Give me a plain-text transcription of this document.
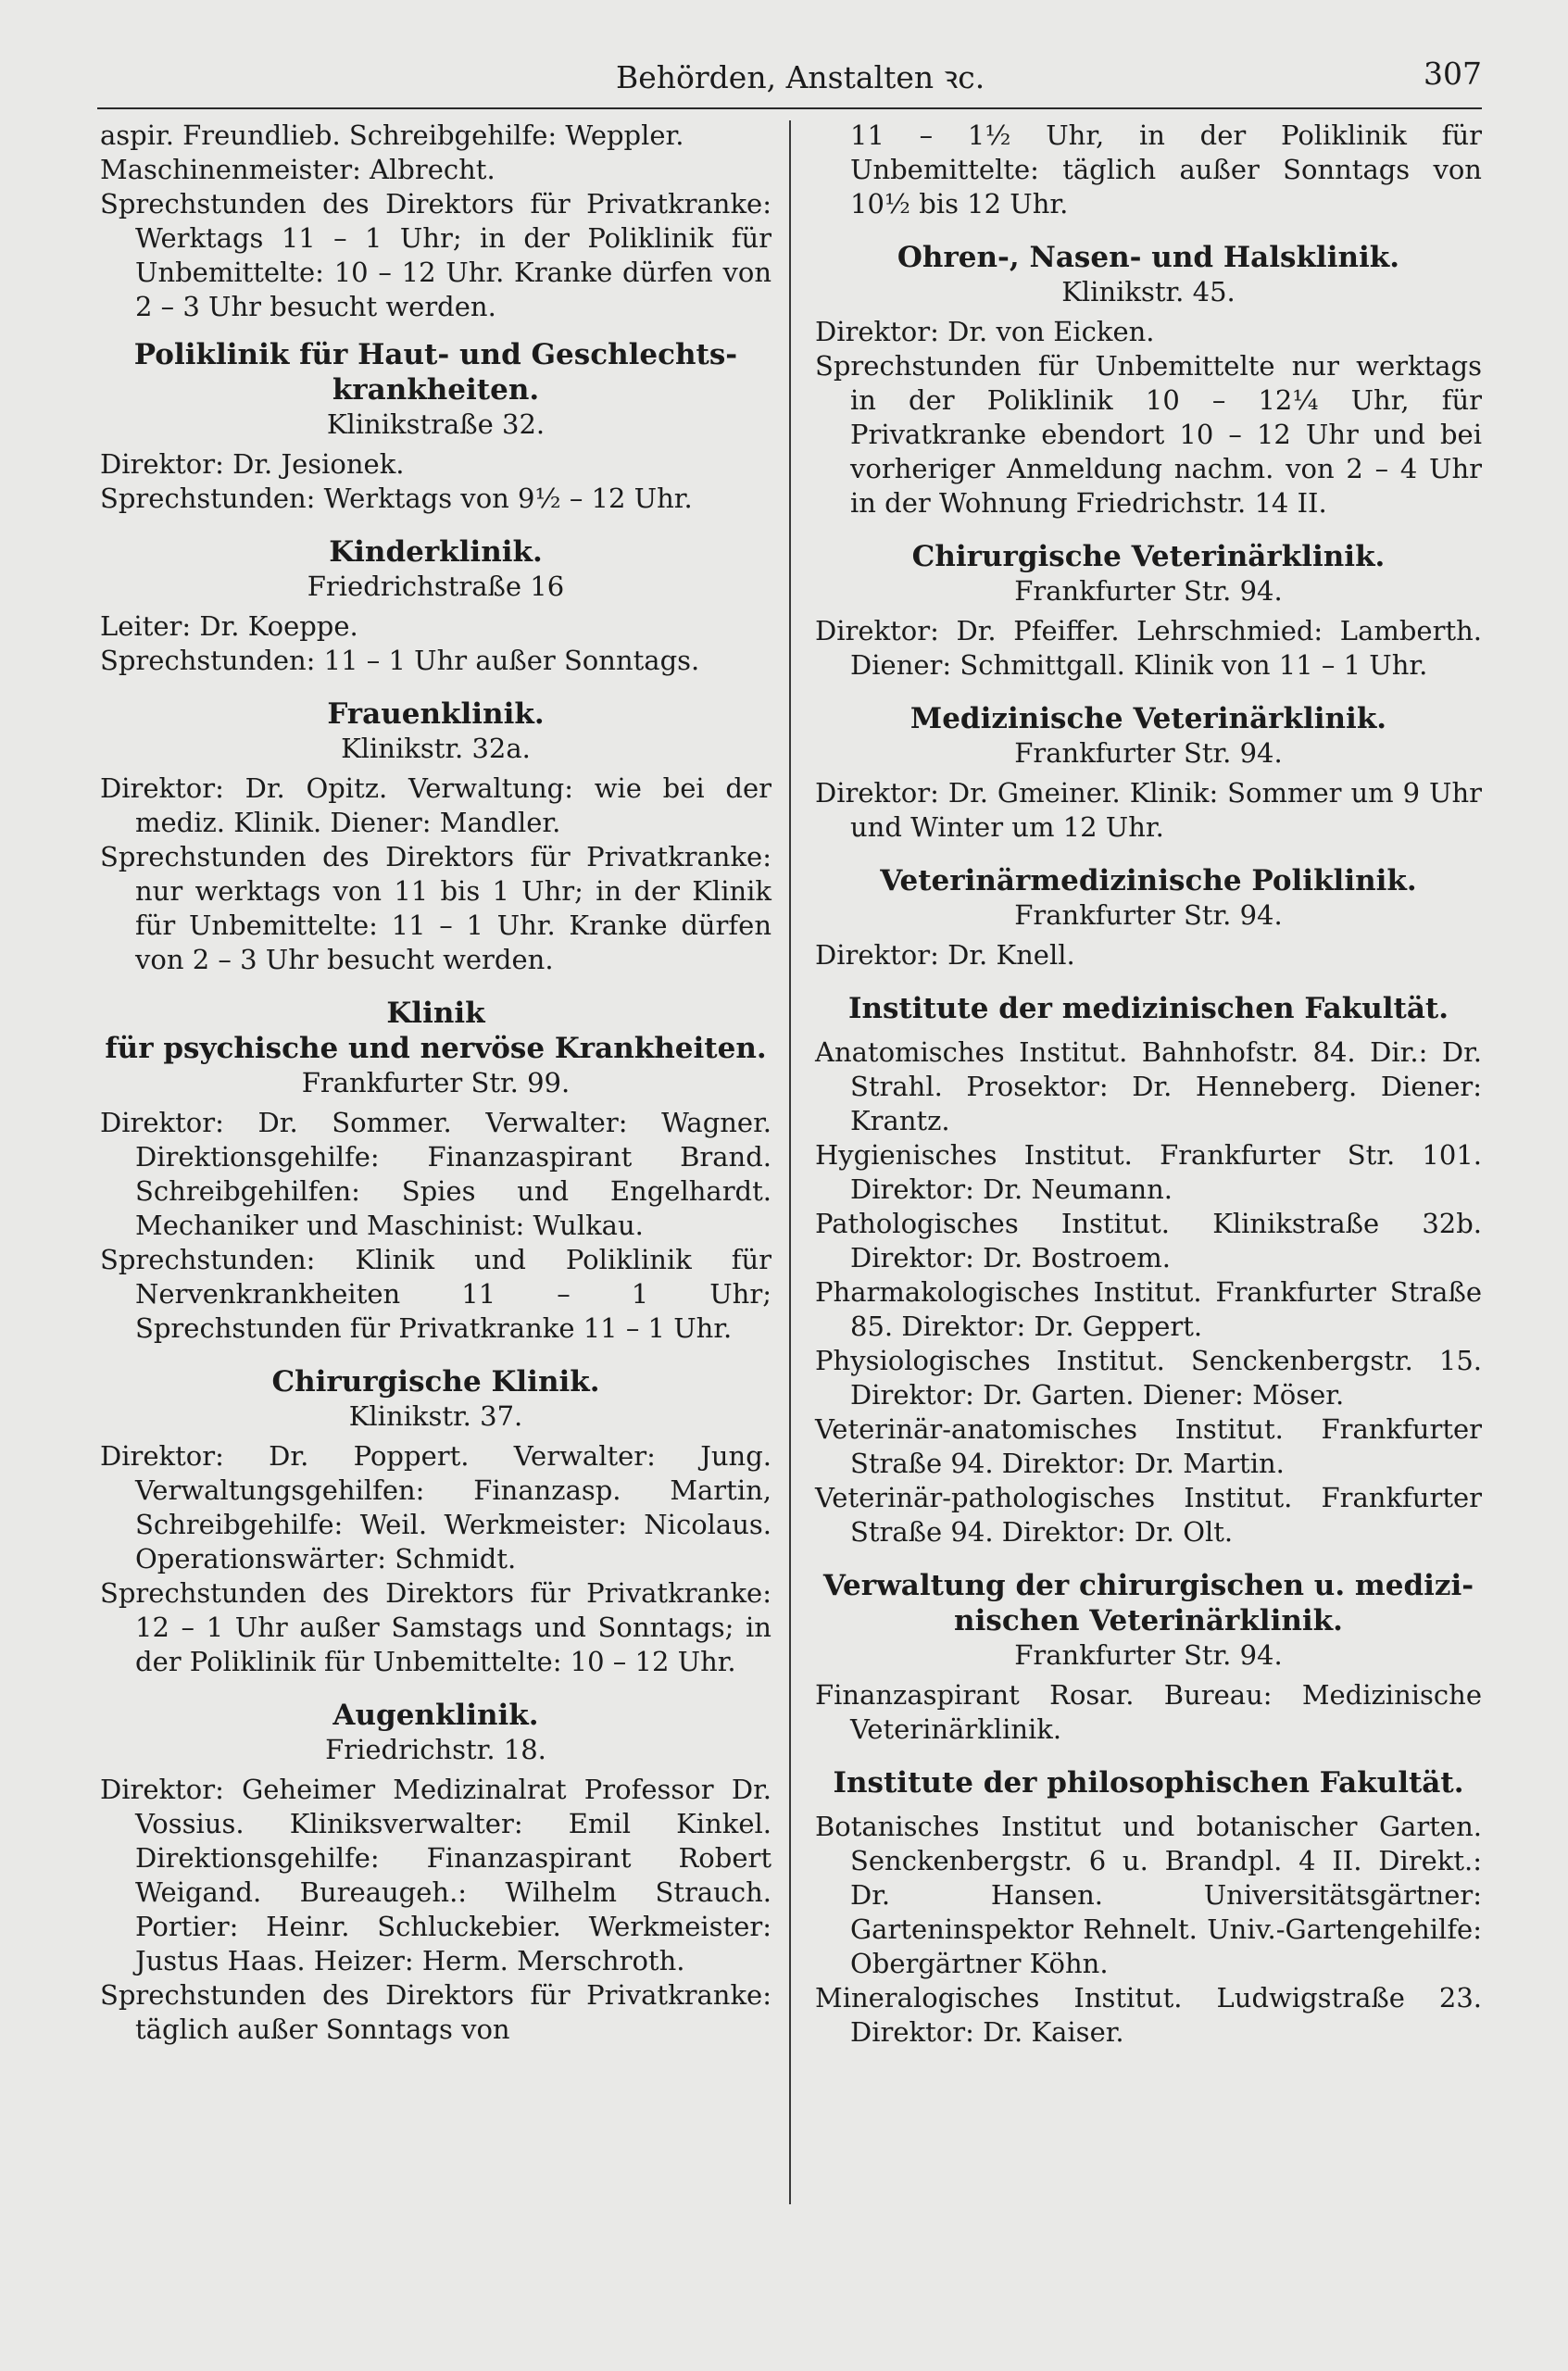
Behörden, Anstalten ꝛc.	307

aspir. Freundlieb. Schreibgehilfe: Weppler.

Maschinenmeister: Albrecht.

Sprechstunden des Direktors für Privatkranke: Werktags 11 – 1 Uhr; in der Poliklinik für Unbemittelte: 10 – 12 Uhr. Kranke dürfen von 2 – 3 Uhr besucht werden.

Poliklinik für Haut- und Geschlechts-
krankheiten.
Klinikstraße 32.

Direktor: Dr. Jesionek.

Sprechstunden: Werktags von 9½ – 12 Uhr.

Kinderklinik.
Friedrichstraße 16

Leiter: Dr. Koeppe.

Sprechstunden: 11 – 1 Uhr außer Sonntags.

Frauenklinik.
Klinikstr. 32a.

Direktor: Dr. Opitz. Verwaltung: wie bei der mediz. Klinik. Diener: Mandler.

Sprechstunden des Direktors für Privatkranke: nur werktags von 11 bis 1 Uhr; in der Klinik für Unbemittelte: 11 – 1 Uhr. Kranke dürfen von 2 – 3 Uhr besucht werden.

Klinik
für psychische und nervöse Krankheiten.
Frankfurter Str. 99.

Direktor: Dr. Sommer. Verwalter: Wagner. Direktionsgehilfe: Finanzaspirant Brand. Schreibgehilfen: Spies und Engelhardt. Mechaniker und Maschinist: Wulkau.

Sprechstunden: Klinik und Poliklinik für Nervenkrankheiten 11 – 1 Uhr; Sprechstunden für Privatkranke 11 – 1 Uhr.

Chirurgische Klinik.
Klinikstr. 37.

Direktor: Dr. Poppert. Verwalter: Jung. Verwaltungsgehilfen: Finanzasp. Martin, Schreibgehilfe: Weil. Werkmeister: Nicolaus. Operationswärter: Schmidt.

Sprechstunden des Direktors für Privatkranke: 12 – 1 Uhr außer Samstags und Sonntags; in der Poliklinik für Unbemittelte: 10 – 12 Uhr.

Augenklinik.
Friedrichstr. 18.

Direktor: Geheimer Medizinalrat Professor Dr. Vossius. Kliniksverwalter: Emil Kinkel. Direktionsgehilfe: Finanzaspirant Robert Weigand. Bureaugeh.: Wilhelm Strauch. Portier: Heinr. Schluckebier. Werkmeister: Justus Haas. Heizer: Herm. Merschroth.

Sprechstunden des Direktors für Privatkranke: täglich außer Sonntags von

11 – 1½ Uhr, in der Poliklinik für Unbemittelte: täglich außer Sonntags von 10½ bis 12 Uhr.

Ohren-, Nasen- und Halsklinik.
Klinikstr. 45.

Direktor: Dr. von Eicken.

Sprechstunden für Unbemittelte nur werktags in der Poliklinik 10 – 12¼ Uhr, für Privatkranke ebendort 10 – 12 Uhr und bei vorheriger Anmeldung nachm. von 2 – 4 Uhr in der Wohnung Friedrichstr. 14 II.

Chirurgische Veterinärklinik.
Frankfurter Str. 94.

Direktor: Dr. Pfeiffer. Lehrschmied: Lamberth. Diener: Schmittgall. Klinik von 11 – 1 Uhr.

Medizinische Veterinärklinik.
Frankfurter Str. 94.

Direktor: Dr. Gmeiner. Klinik: Sommer um 9 Uhr und Winter um 12 Uhr.

Veterinärmedizinische Poliklinik.
Frankfurter Str. 94.

Direktor: Dr. Knell.

Institute der medizinischen Fakultät.

Anatomisches Institut. Bahnhofstr. 84. Dir.: Dr. Strahl. Prosektor: Dr. Henneberg. Diener: Krantz.

Hygienisches Institut. Frankfurter Str. 101. Direktor: Dr. Neumann.

Pathologisches Institut. Klinikstraße 32b. Direktor: Dr. Bostroem.

Pharmakologisches Institut. Frankfurter Straße 85. Direktor: Dr. Geppert.

Physiologisches Institut. Senckenbergstr. 15. Direktor: Dr. Garten. Diener: Möser.

Veterinär-anatomisches Institut. Frankfurter Straße 94. Direktor: Dr. Martin.

Veterinär-pathologisches Institut. Frankfurter Straße 94. Direktor: Dr. Olt.

Verwaltung der chirurgischen u. medizi-
nischen Veterinärklinik.
Frankfurter Str. 94.

Finanzaspirant Rosar. Bureau: Medizinische Veterinärklinik.

Institute der philosophischen Fakultät.

Botanisches Institut und botanischer Garten. Senckenbergstr. 6 u. Brandpl. 4 II. Direkt.: Dr. Hansen. Universitätsgärtner: Garteninspektor Rehnelt. Univ.-Gartengehilfe: Obergärtner Köhn.

Mineralogisches Institut. Ludwigstraße 23. Direktor: Dr. Kaiser.
